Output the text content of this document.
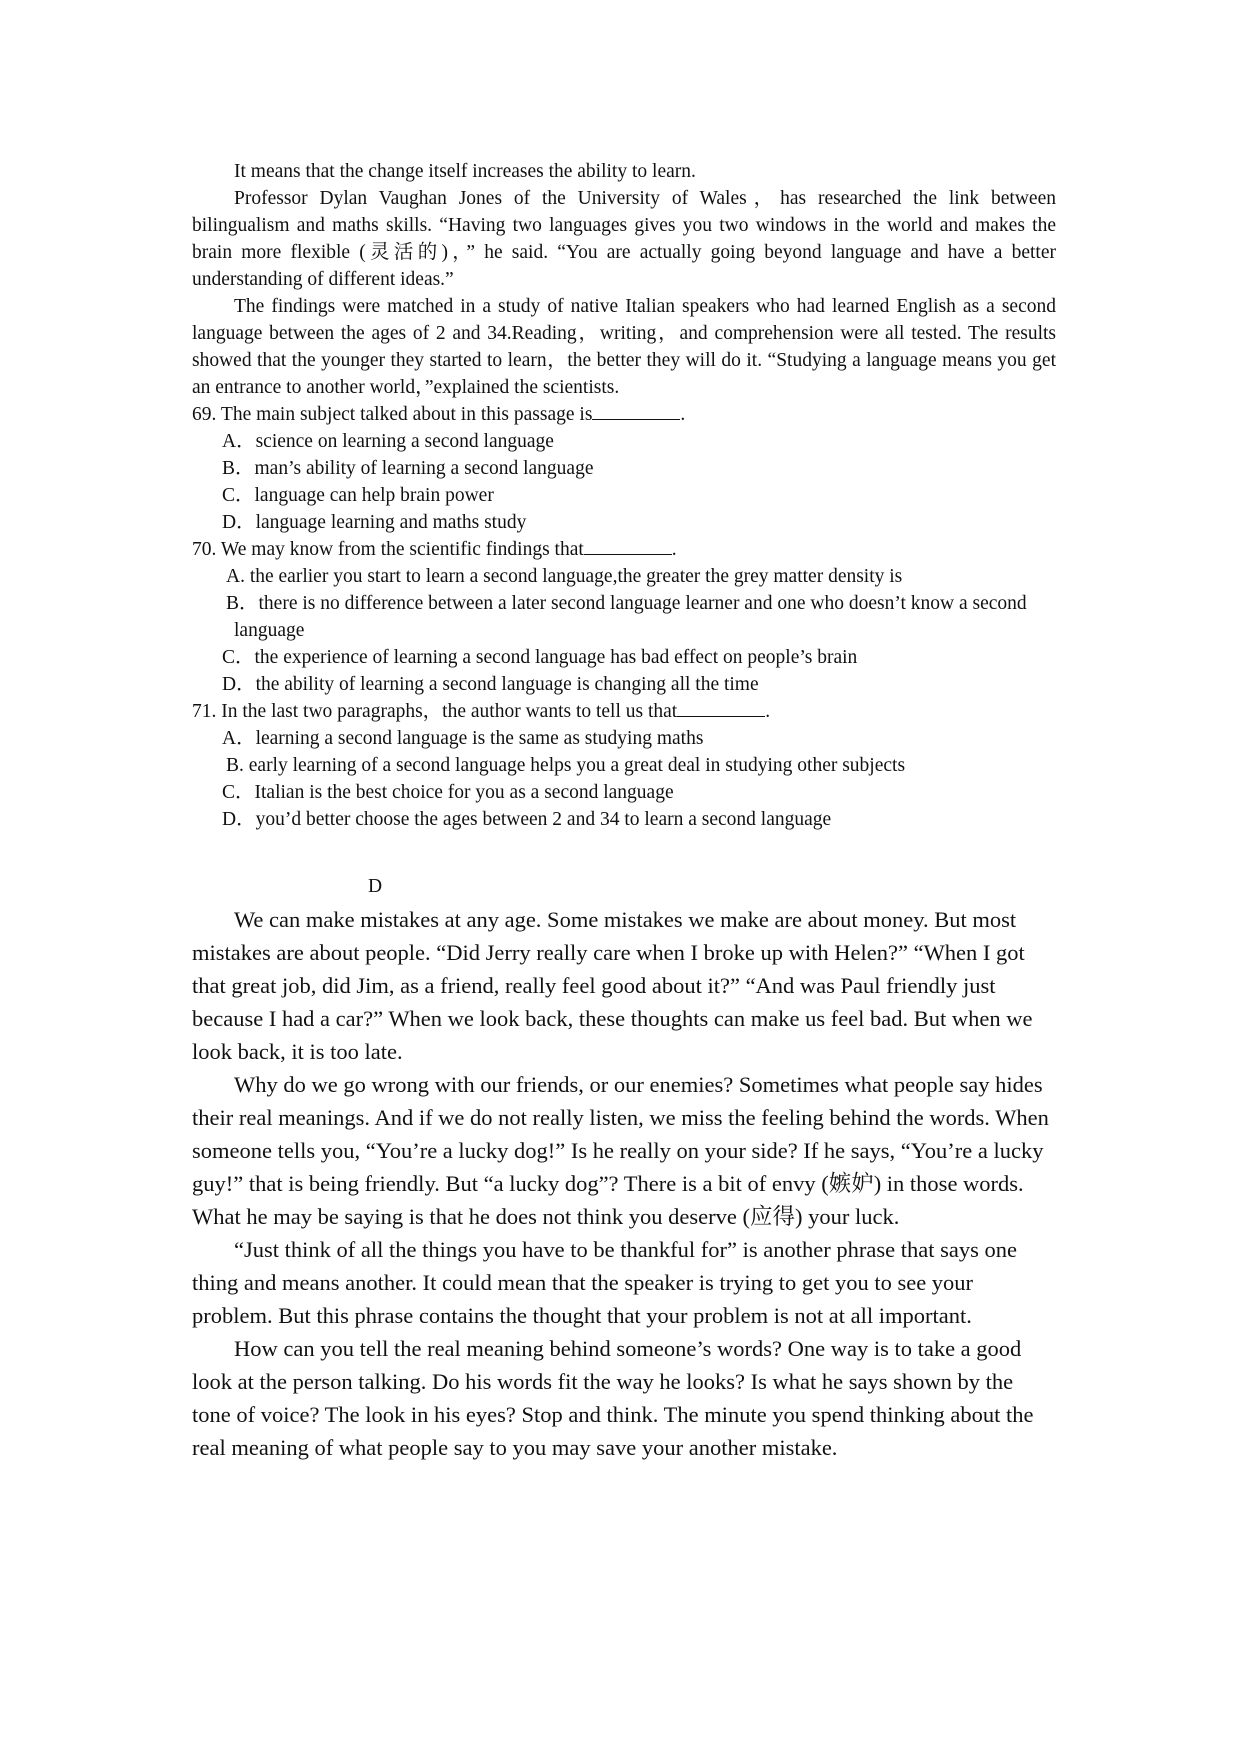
It means that the change itself increases the ability to learn.

Professor Dylan Vaughan Jones of the University of Wales，has researched the link between bilingualism and maths skills. “Having two languages gives you two windows in the world and makes the brain more flexible (灵活的)，” he said. “You are actually going beyond language and have a better understanding of different ideas.”

The findings were matched in a study of native Italian speakers who had learned English as a second language between the ages of 2 and 34.Reading，writing，and comprehension were all tested. The results showed that the younger they started to learn，the better they will do it. “Studying a language means you get an entrance to another world，”explained the scientists.

69. The main subject talked about in this passage is	.
A．science on learning a second language
B．man’s ability of learning a second language
C．language can help brain power
D．language learning and maths study
70. We may know from the scientific findings that	.
A. the earlier you start to learn a second language,the greater the grey matter density is
B．there is no difference between a later second language learner and one who doesn’t know a second language
C．the experience of learning a second language has bad effect on people’s brain
D．the ability of learning a second language is changing all the time
71. In the last two paragraphs，the author wants to tell us that	.
A．learning a second language is the same as studying maths
B. early learning of a second language helps you a great deal in studying other subjects
C．Italian is the best choice for you as a second language
D．you’d better choose the ages between 2 and 34 to learn a second language
D

We can make mistakes at any age. Some mistakes we make are about money. But most mistakes are about people. “Did Jerry really care when I broke up with Helen?” “When I got that great job, did Jim, as a friend, really feel good about it?” “And was Paul friendly just because I had a car?” When we look back, these thoughts can make us feel bad. But when we look back, it is too late.

Why do we go wrong with our friends, or our enemies? Sometimes what people say hides their real meanings. And if we do not really listen, we miss the feeling behind the words. When someone tells you, “You’re a lucky dog!” Is he really on your side? If he says, “You’re a lucky guy!” that is being friendly. But “a lucky dog”? There is a bit of envy (嫉妒) in those words. What he may be saying is that he does not think you deserve (应得) your luck.

“Just think of all the things you have to be thankful for” is another phrase that says one thing and means another. It could mean that the speaker is trying to get you to see your problem. But this phrase contains the thought that your problem is not at all important.

How can you tell the real meaning behind someone’s words? One way is to take a good look at the person talking. Do his words fit the way he looks? Is what he says shown by the tone of voice? The look in his eyes? Stop and think. The minute you spend thinking about the real meaning of what people say to you may save your another mistake.
